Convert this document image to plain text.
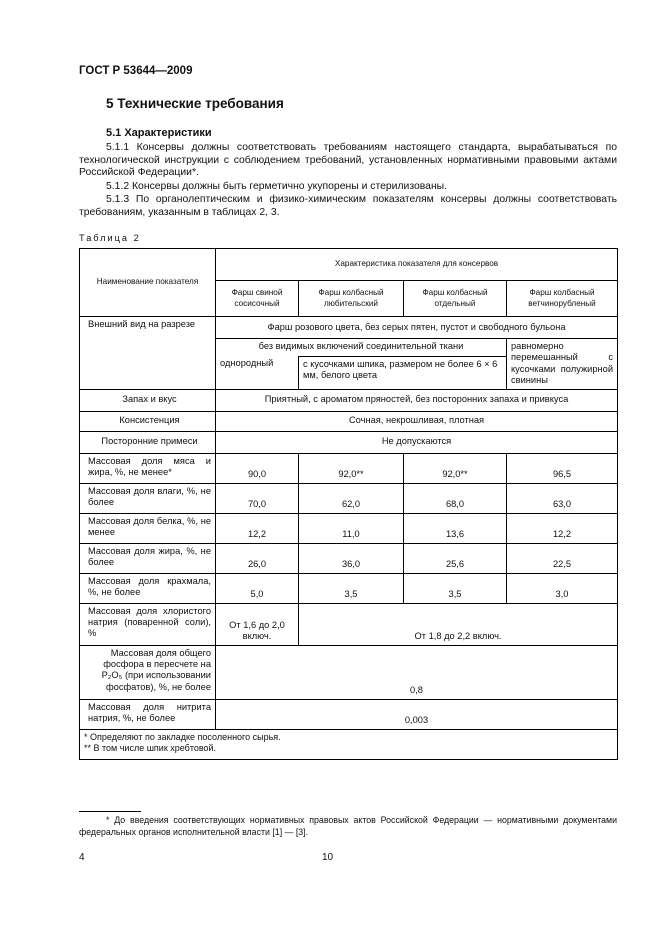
ГОСТ Р 53644—2009
5 Технические требования
5.1 Характеристики
5.1.1 Консервы должны соответствовать требованиям настоящего стандарта, вырабатываться по технологической инструкции с соблюдением требований, установленных нормативными правовыми актами Российской Федерации*.
5.1.2 Консервы должны быть герметично укупорены и стерилизованы.
5.1.3 По органолептическим и физико-химическим показателям консервы должны соответствовать требованиям, указанным в таблицах 2, 3.
Таблица 2
Наименование показателя	Характеристика показателя для консервов			
	Фарш свиной сосисочный	Фарш колбасный любительский	Фарш колбасный отдельный	Фарш колбасный ветчинорубленый
Внешний вид на разрезе	Фарш розового цвета, без серых пятен, пустот и свободного бульона			
	без видимых включений соединительной ткани			равномерно перемешанный с кусочками полужирной свинины
	однородный	с кусочками шпика, размером не более 6 × 6 мм, белого цвета		
Запах и вкус	Приятный, с ароматом пряностей, без посторонних запаха и привкуса			
Консистенция	Сочная, некрошливая, плотная			
Посторонние примеси	Не допускаются			
Массовая доля мяса и жира, %, не менее*	90,0	92,0**	92,0**	96,5
Массовая доля влаги, %, не более	70,0	62,0	68,0	63,0
Массовая доля белка, %, не менее	12,2	11,0	13,6	12,2
Массовая доля жира, %, не более	26,0	36,0	25,6	22,5
Массовая доля крахмала, %, не более	5,0	3,5	3,5	3,0
Массовая доля хлористого натрия (поваренной соли), %	От 1,6 до 2,0 включ.	От 1,8 до 2,2 включ.		
Массовая доля общего фосфора в пересчете на P₂O₅ (при использовании фосфатов), %, не более	0,8			
Массовая доля нитрита натрия, %, не более	0,003			

* Определяют по закладке посоленного сырья.
** В том числе шпик хребтовой.				
* До введения соответствующих нормативных правовых актов Российской Федерации — нормативными документами федеральных органов исполнительной власти [1] — [3].
4	10
